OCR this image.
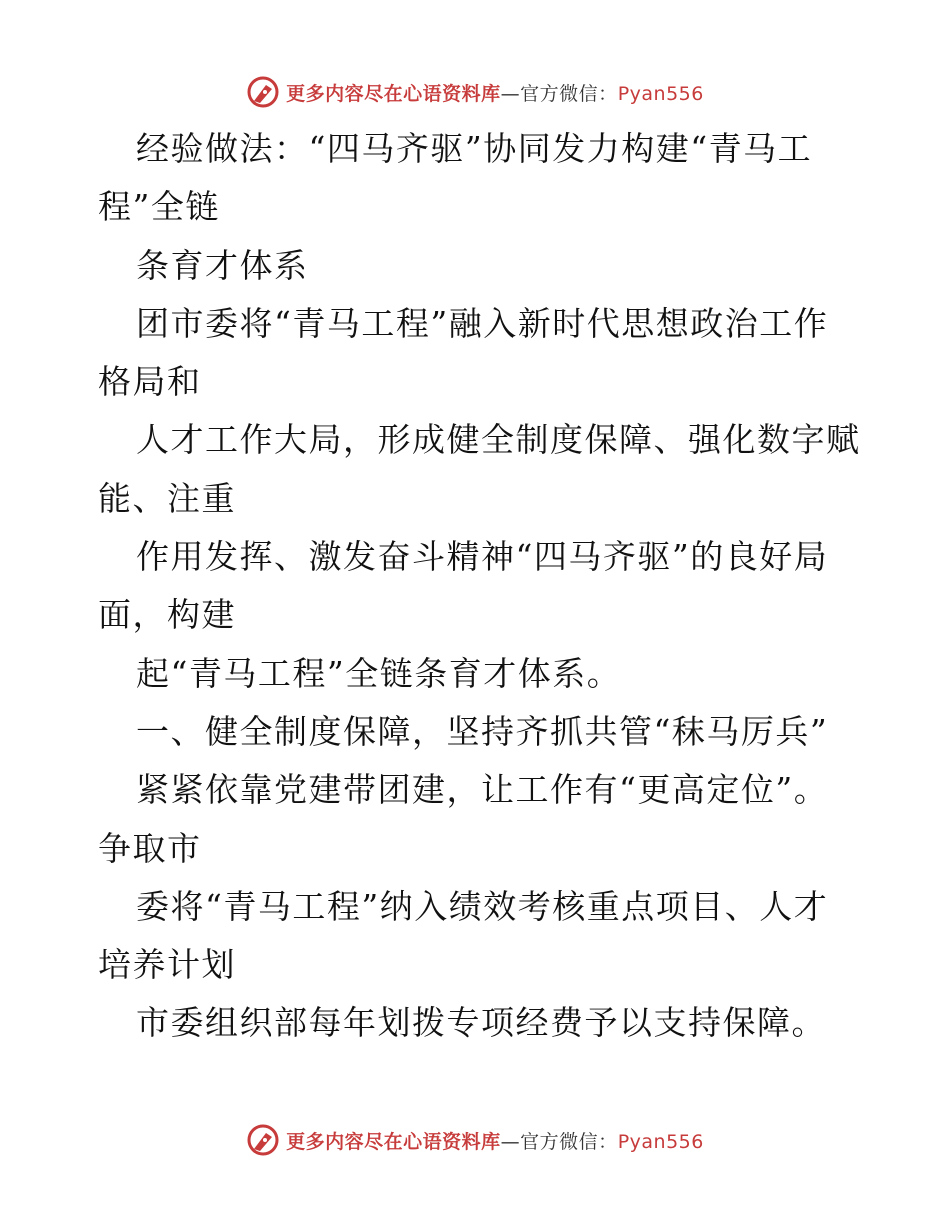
更多内容尽在心语资料库—官方微信：Pyan556
经验做法：“四马齐驱”协同发力构建“青马工
程”全链
条育才体系
团市委将“青马工程”融入新时代思想政治工作
格局和
人才工作大局，形成健全制度保障、强化数字赋
能、注重
作用发挥、激发奋斗精神“四马齐驱”的良好局
面，构建
起“青马工程”全链条育才体系。
一、健全制度保障，坚持齐抓共管“秣马厉兵”
紧紧依靠党建带团建，让工作有“更高定位”。
争取市
委将“青马工程”纳入绩效考核重点项目、人才
培养计划
市委组织部每年划拨专项经费予以支持保障。
更多内容尽在心语资料库—官方微信：Pyan556
